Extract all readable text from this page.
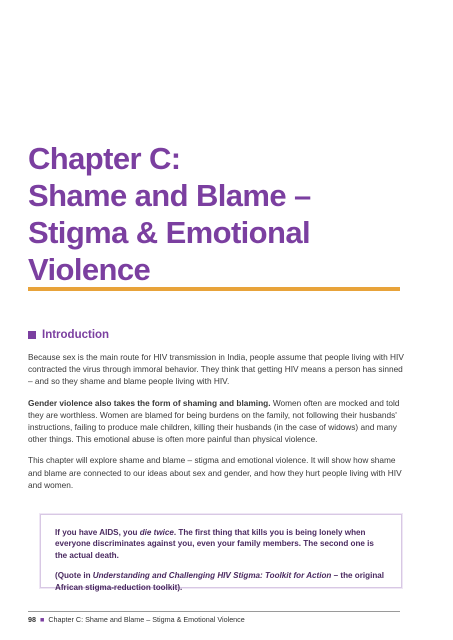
Chapter C:
Shame and Blame –
Stigma & Emotional
Violence
Introduction

Because sex is the main route for HIV transmission in India, people assume that people living with HIV contracted the virus through immoral behavior. They think that getting HIV means a person has sinned – and so they shame and blame people living with HIV.

Gender violence also takes the form of shaming and blaming. Women often are mocked and told they are worthless. Women are blamed for being burdens on the family, not following their husbands' instructions, failing to produce male children, killing their husbands (in the case of widows) and many other things. This emotional abuse is often more painful than physical violence.

This chapter will explore shame and blame – stigma and emotional violence. It will show how shame and blame are connected to our ideas about sex and gender, and how they hurt people living with HIV and women.

If you have AIDS, you die twice. The first thing that kills you is being lonely when everyone discriminates against you, even your family members. The second one is the actual death.

(Quote in Understanding and Challenging HIV Stigma: Toolkit for Action – the original African stigma-reduction toolkit).

98 ■ Chapter C: Shame and Blame – Stigma & Emotional Violence
